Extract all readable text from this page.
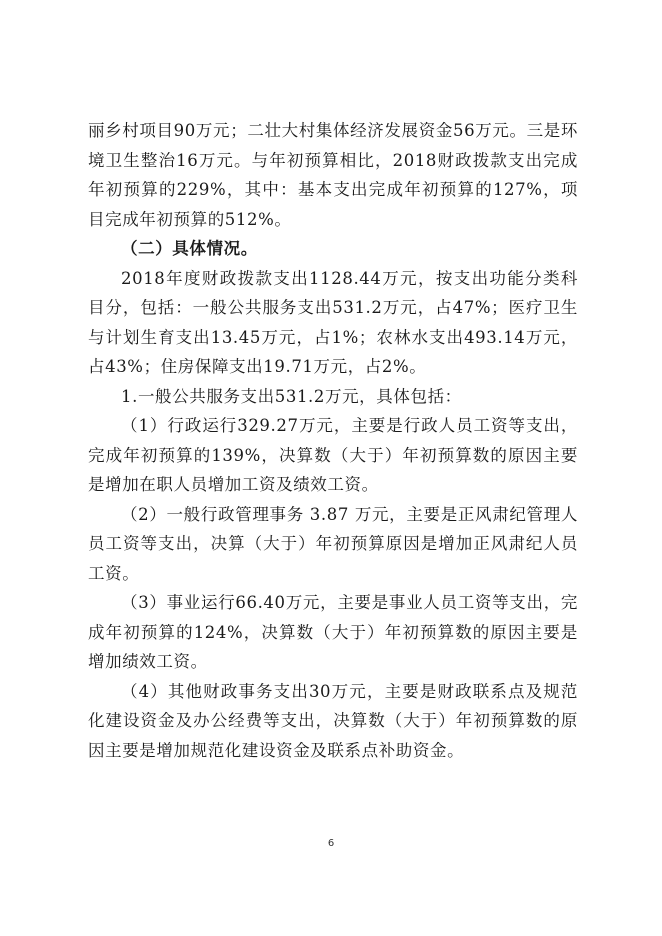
丽乡村项目90万元；二壮大村集体经济发展资金56万元。三是环境卫生整治16万元。与年初预算相比，2018财政拨款支出完成年初预算的229%，其中：基本支出完成年初预算的127%，项目完成年初预算的512%。

（二）具体情况。

2018年度财政拨款支出1128.44万元，按支出功能分类科目分，包括：一般公共服务支出531.2万元，占47%；医疗卫生与计划生育支出13.45万元，占1%；农林水支出493.14万元，占43%；住房保障支出19.71万元，占2%。

1.一般公共服务支出531.2万元，具体包括：

（1）行政运行329.27万元，主要是行政人员工资等支出，完成年初预算的139%，决算数（大于）年初预算数的原因主要是增加在职人员增加工资及绩效工资。

（2）一般行政管理事务 3.87 万元，主要是正风肃纪管理人员工资等支出，决算（大于）年初预算原因是增加正风肃纪人员工资。

（3）事业运行66.40万元，主要是事业人员工资等支出，完成年初预算的124%，决算数（大于）年初预算数的原因主要是增加绩效工资。

（4）其他财政事务支出30万元，主要是财政联系点及规范化建设资金及办公经费等支出，决算数（大于）年初预算数的原因主要是增加规范化建设资金及联系点补助资金。

6
